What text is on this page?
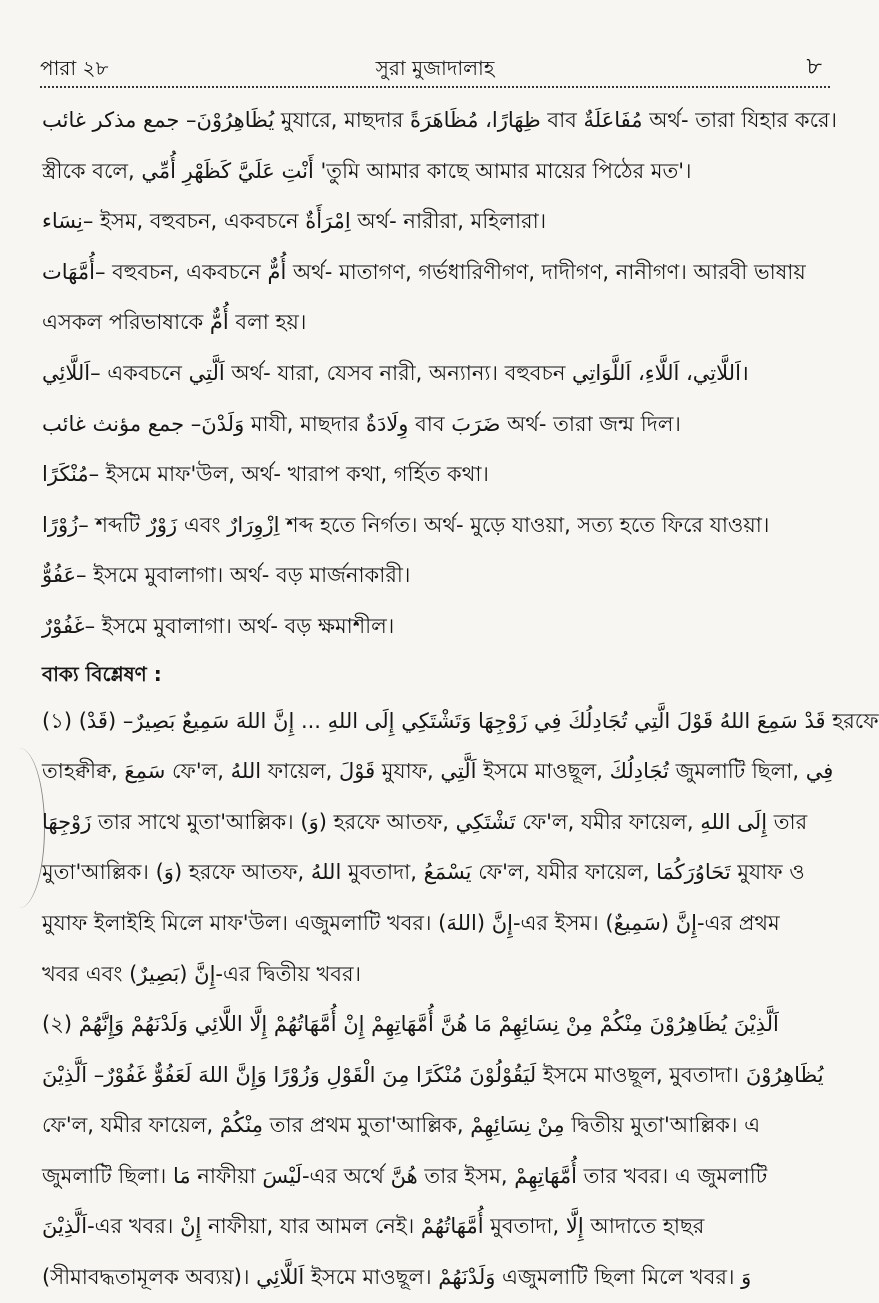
পারা ২৮	সুরা মুজাদালাহ	৮
يُظَاهِرُوْنَ– جمع مذكر غائب মুযারে, মাছদার ظِهَارًا، مُظَاهَرَةً বাব مُفَاعَلَةٌ অর্থ- তারা যিহার করে।
স্ত্রীকে বলে, أَنْتِ عَلَيَّ كَظَهْرِ أُمِّي 'তুমি আমার কাছে আমার মায়ের পিঠের মত'।
نِسَاء– ইসম, বহুবচন, একবচনে اِمْرَأَةٌ অর্থ- নারীরা, মহিলারা।
أُمَّهَات– বহুবচন, একবচনে أُمٌّ অর্থ- মাতাগণ, গর্ভধারিণীগণ, দাদীগণ, নানীগণ। আরবী ভাষায়
এসকল পরিভাষাকে أُمٌّ বলা হয়।
اَللَّائِي– একবচনে اَلَّتِي অর্থ- যারা, যেসব নারী, অন্যান্য। বহুবচন اَللَّاتِي، اَللَّاءِ، اَللَّوَاتِي।
وَلَدْنَ– جمع مؤنث غائب মাযী, মাছদার وِلَادَةٌ বাব ضَرَبَ অর্থ- তারা জন্ম দিল।
مُنْكَرًا– ইসমে মাফ'উল, অর্থ- খারাপ কথা, গর্হিত কথা।
زُوْرًا– শব্দটি زَوْرٌ এবং اِزْوِرَارٌ শব্দ হতে নির্গত। অর্থ- মুড়ে যাওয়া, সত্য হতে ফিরে যাওয়া।
عَفُوٌّ– ইসমে মুবালাগা। অর্থ- বড় মার্জনাকারী।
غَفُوْرٌ– ইসমে মুবালাগা। অর্থ- বড় ক্ষমাশীল।
বাক্য বিশ্লেষণ :
(১) قَدْ سَمِعَ اللهُ قَوْلَ الَّتِي تُجَادِلُكَ فِي زَوْجِهَا وَتَشْتَكِي إِلَى اللهِ ... إِنَّ اللهَ سَمِيعٌ بَصِيرٌ– (قَدْ) হরফে
তাহক্বীক্ব, سَمِعَ ফে'ল, اللهُ ফায়েল, قَوْلَ মুযাফ, اَلَّتِي ইসমে মাওছূল, تُجَادِلُكَ জুমলাটি ছিলা, فِي
زَوْجِهَا তার সাথে মুতা'আল্লিক। (وَ) হরফে আতফ, تَشْتَكِي ফে'ল, যমীর ফায়েল, إِلَى اللهِ তার
মুতা'আল্লিক। (وَ) হরফে আতফ, اللهُ মুবতাদা, يَسْمَعُ ফে'ল, যমীর ফায়েল, تَحَاوُرَكُمَا মুযাফ ও
মুযাফ ইলাইহি মিলে মাফ'উল। এজুমলাটি খবর। (اللهَ) إِنَّ-এর ইসম। (سَمِيعٌ) إِنَّ-এর প্রথম
খবর এবং (بَصِيرٌ) إِنَّ-এর দ্বিতীয় খবর।
(২) اَلَّذِيْنَ يُظَاهِرُوْنَ مِنْكُمْ مِنْ نِسَائِهِمْ مَا هُنَّ أُمَّهَاتِهِمْ إِنْ أُمَّهَاتُهُمْ إِلَّا اللَّائِي وَلَدْنَهُمْ وَإِنَّهُمْ
لَيَقُوْلُوْنَ مُنْكَرًا مِنَ الْقَوْلِ وَزُوْرًا وَإِنَّ اللهَ لَعَفُوٌّ غَفُوْرٌ– اَلَّذِيْنَ ইসমে মাওছূল, মুবতাদা। يُظَاهِرُوْنَ
ফে'ল, যমীর ফায়েল, مِنْكُمْ তার প্রথম মুতা'আল্লিক, مِنْ نِسَائِهِمْ দ্বিতীয় মুতা'আল্লিক। এ
জুমলাটি ছিলা। مَا নাফীয়া لَيْسَ-এর অর্থে هُنَّ তার ইসম, أُمَّهَاتِهِمْ তার খবর। এ জুমলাটি
اَلَّذِيْنَ-এর খবর। إِنْ নাফীয়া, যার আমল নেই। أُمَّهَاتُهُمْ মুবতাদা, إِلَّا আদাতে হাছর
(সীমাবদ্ধতামূলক অব্যয়)। اَللَّائِي ইসমে মাওছূল। وَلَدْنَهُمْ এজুমলাটি ছিলা মিলে খবর। وَ
